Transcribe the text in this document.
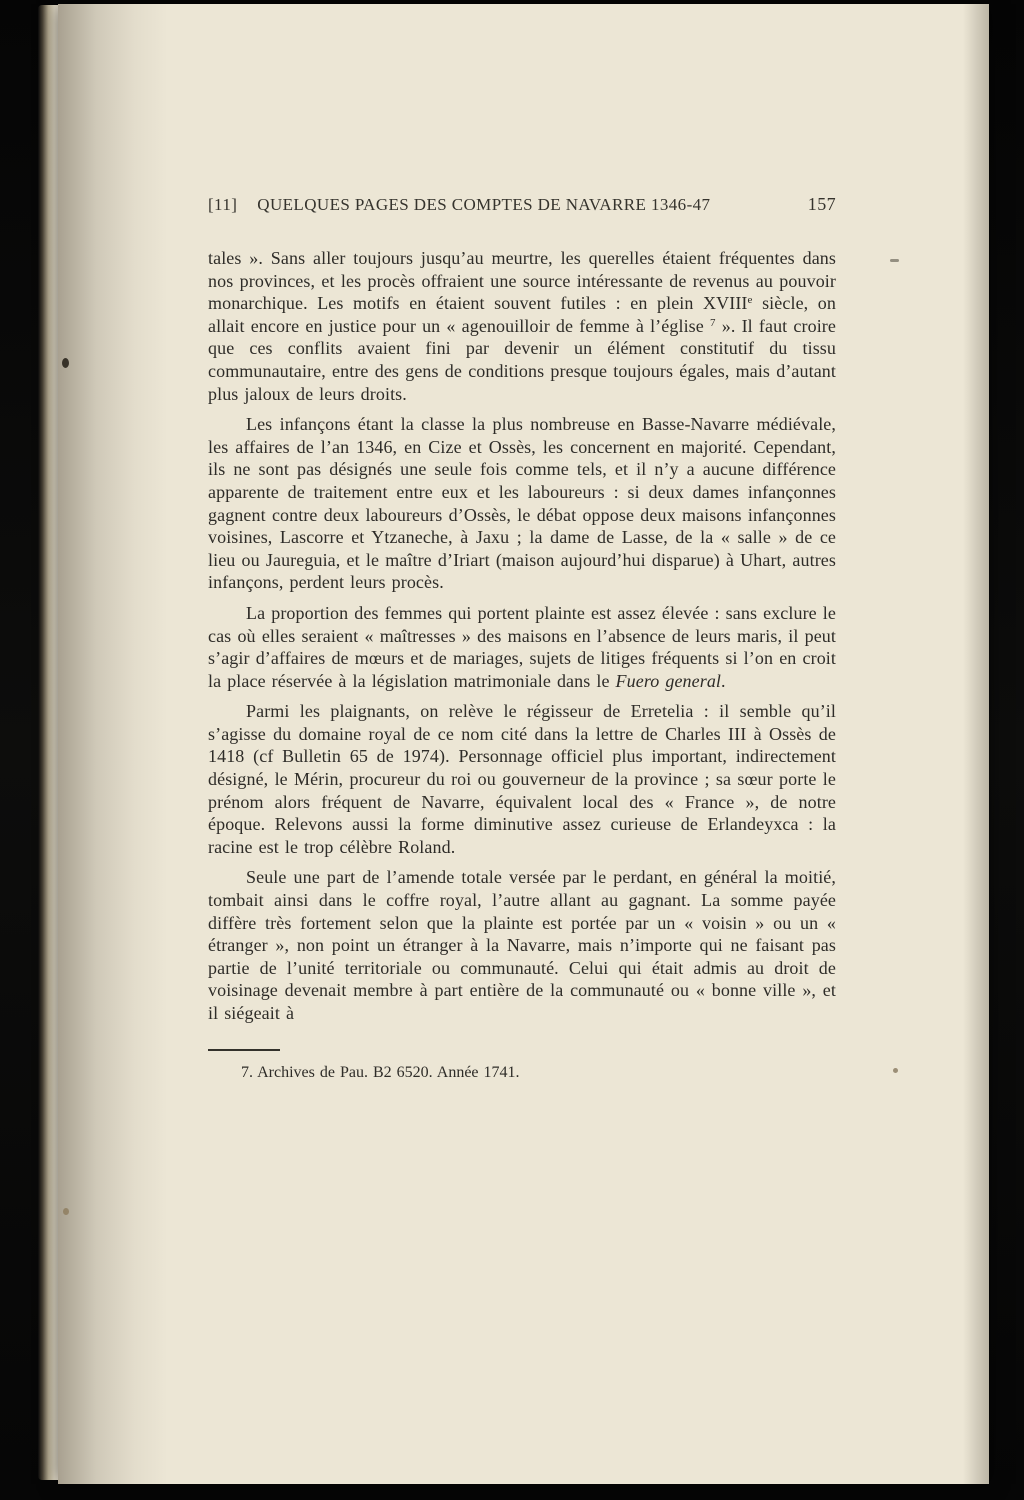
[11] QUELQUES PAGES DES COMPTES DE NAVARRE 1346-47	157

tales ». Sans aller toujours jusqu’au meurtre, les querelles étaient fréquentes dans nos provinces, et les procès offraient une source intéressante de revenus au pouvoir monarchique. Les motifs en étaient souvent futiles : en plein XVIIIe siècle, on allait encore en justice pour un « agenouilloir de femme à l’église $^7$ ». Il faut croire que ces conflits avaient fini par devenir un élément constitutif du tissu communautaire, entre des gens de conditions presque toujours égales, mais d’autant plus jaloux de leurs droits.

Les infançons étant la classe la plus nombreuse en Basse-Navarre médiévale, les affaires de l’an 1346, en Cize et Ossès, les concernent en majorité. Cependant, ils ne sont pas désignés une seule fois comme tels, et il n’y a aucune différence apparente de traitement entre eux et les laboureurs : si deux dames infançonnes gagnent contre deux laboureurs d’Ossès, le débat oppose deux maisons infançonnes voisines, Lascorre et Ytzaneche, à Jaxu ; la dame de Lasse, de la « salle » de ce lieu ou Jaureguia, et le maître d’Iriart (maison aujourd’hui disparue) à Uhart, autres infançons, perdent leurs procès.

La proportion des femmes qui portent plainte est assez élevée : sans exclure le cas où elles seraient « maîtresses » des maisons en l’absence de leurs maris, il peut s’agir d’affaires de mœurs et de mariages, sujets de litiges fréquents si l’on en croit la place réservée à la législation matrimoniale dans le Fuero general.

Parmi les plaignants, on relève le régisseur de Erretelia : il semble qu’il s’agisse du domaine royal de ce nom cité dans la lettre de Charles III à Ossès de 1418 (cf Bulletin 65 de 1974). Personnage officiel plus important, indirectement désigné, le Mérin, procureur du roi ou gouverneur de la province ; sa sœur porte le prénom alors fréquent de Navarre, équivalent local des « France », de notre époque. Relevons aussi la forme diminutive assez curieuse de Erlandeyxca : la racine est le trop célèbre Roland.

Seule une part de l’amende totale versée par le perdant, en général la moitié, tombait ainsi dans le coffre royal, l’autre allant au gagnant. La somme payée diffère très fortement selon que la plainte est portée par un « voisin » ou un « étranger », non point un étranger à la Navarre, mais n’importe qui ne faisant pas partie de l’unité territoriale ou communauté. Celui qui était admis au droit de voisinage devenait membre à part entière de la communauté ou « bonne ville », et il siégeait à

7. Archives de Pau. B2 6520. Année 1741.
